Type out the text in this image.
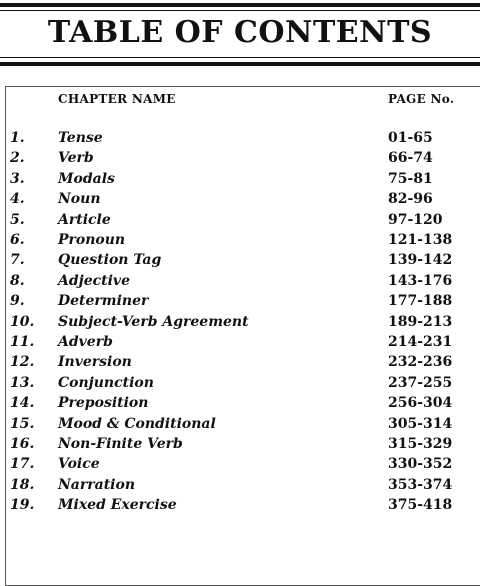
TABLE OF CONTENTS
CHAPTER NAME	PAGE No.
1. Tense	01-65
2. Verb	66-74
3. Modals	75-81
4. Noun	82-96
5. Article	97-120
6. Pronoun	121-138
7. Question Tag	139-142
8. Adjective	143-176
9. Determiner	177-188
10. Subject-Verb Agreement	189-213
11. Adverb	214-231
12. Inversion	232-236
13. Conjunction	237-255
14. Preposition	256-304
15. Mood & Conditional	305-314
16. Non-Finite Verb	315-329
17. Voice	330-352
18. Narration	353-374
19. Mixed Exercise	375-418
